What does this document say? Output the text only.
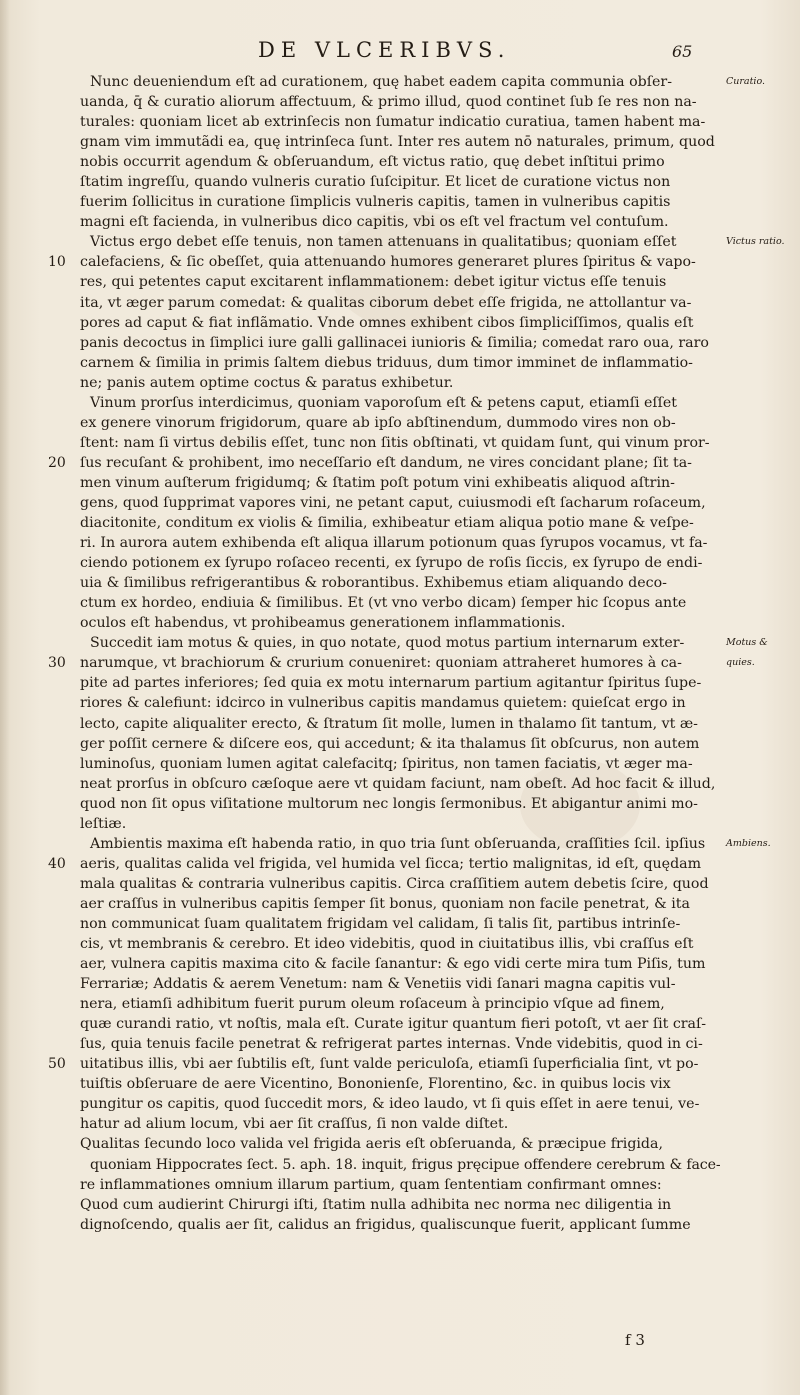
DE VLCERIBVS.	65
Nunc deueniendum eſt ad curationem, quę habet eadem capita communia obſer-
uanda, q̄ & curatio aliorum affectuum, & primo illud, quod continet ſub ſe res non na-
turales: quoniam licet ab extrinſecis non ſumatur indicatio curatiua, tamen habent ma-
gnam vim immutãdi ea, quę intrinſeca ſunt. Inter res autem nō naturales, primum, quod
nobis occurrit agendum & obſeruandum, eſt victus ratio, quę debet inſtitui primo
ſtatim ingreſſu, quando vulneris curatio ſuſcipitur. Et licet de curatione victus non
fuerim ſollicitus in curatione ſimplicis vulneris capitis, tamen in vulneribus capitis
magni eſt facienda, in vulneribus dico capitis, vbi os eſt vel fractum vel contuſum.
Victus ergo debet eſſe tenuis, non tamen attenuans in qualitatibus; quoniam eſſet
calefaciens, & ſic obeſſet, quia attenuando humores generaret plures ſpiritus & vapo-
res, qui petentes caput excitarent inflammationem: debet igitur victus eſſe tenuis
ita, vt æger parum comedat: & qualitas ciborum debet eſſe frigida, ne attollantur va-
pores ad caput & fiat inflãmatio. Vnde omnes exhibent cibos ſimpliciſſimos, qualis eſt
panis decoctus in ſimplici iure galli gallinacei iunioris & ſimilia; comedat raro oua, raro
carnem & ſimilia in primis ſaltem diebus triduus, dum timor imminet de inflammatio-
ne; panis autem optime coctus & paratus exhibetur.
Vinum prorſus interdicimus, quoniam vaporoſum eſt & petens caput, etiamſi eſſet
ex genere vinorum frigidorum, quare ab ipſo abſtinendum, dummodo vires non ob-
ſtent: nam ſi virtus debilis eſſet, tunc non ſitis obſtinati, vt quidam ſunt, qui vinum pror-
ſus recuſant & prohibent, imo neceſſario eſt dandum, ne vires concidant plane; ſit ta-
men vinum auſterum frigidumq; & ſtatim poſt potum vini exhibeatis aliquod aſtrin-
gens, quod ſupprimat vapores vini, ne petant caput, cuiusmodi eſt ſacharum roſaceum,
diacitonite, conditum ex violis & ſimilia, exhibeatur etiam aliqua potio mane & veſpe-
ri. In aurora autem exhibenda eſt aliqua illarum potionum quas ſyrupos vocamus, vt fa-
ciendo potionem ex ſyrupo roſaceo recenti, ex ſyrupo de roſis ſiccis, ex ſyrupo de endi-
uia & ſimilibus refrigerantibus & roborantibus. Exhibemus etiam aliquando deco-
ctum ex hordeo, endiuia & ſimilibus. Et (vt vno verbo dicam) ſemper hic ſcopus ante
oculos eſt habendus, vt prohibeamus generationem inflammationis.
Succedit iam motus & quies, in quo notate, quod motus partium internarum exter-
narumque, vt brachiorum & crurium conueniret: quoniam attraheret humores à ca-
pite ad partes inferiores; ſed quia ex motu internarum partium agitantur ſpiritus ſupe-
riores & calefiunt: idcirco in vulneribus capitis mandamus quietem: quieſcat ergo in
lecto, capite aliqualiter erecto, & ſtratum ſit molle, lumen in thalamo ſit tantum, vt æ-
ger poſſit cernere & diſcere eos, qui accedunt; & ita thalamus ſit obſcurus, non autem
luminoſus, quoniam lumen agitat calefacitq; ſpiritus, non tamen faciatis, vt æger ma-
neat prorſus in obſcuro cæſoque aere vt quidam faciunt, nam obeſt. Ad hoc facit & illud,
quod non ſit opus viſitatione multorum nec longis ſermonibus. Et abigantur animi mo-
leſtiæ.
Ambientis maxima eſt habenda ratio, in quo tria ſunt obſeruanda, craſſities ſcil. ipſius
aeris, qualitas calida vel frigida, vel humida vel ſicca; tertio malignitas, id eſt, quędam
mala qualitas & contraria vulneribus capitis. Circa craſſitiem autem debetis ſcire, quod
aer craſſus in vulneribus capitis ſemper ſit bonus, quoniam non facile penetrat, & ita
non communicat ſuam qualitatem frigidam vel calidam, ſi talis ſit, partibus intrinſe-
cis, vt membranis & cerebro. Et ideo videbitis, quod in ciuitatibus illis, vbi craſſus eſt
aer, vulnera capitis maxima cito & facile ſanantur: & ego vidi certe mira tum Piſis, tum
Ferrariæ; Addatis & aerem Venetum: nam & Venetiis vidi ſanari magna capitis vul-
nera, etiamſi adhibitum fuerit purum oleum roſaceum à principio vſque ad finem,
quæ curandi ratio, vt noſtis, mala eſt. Curate igitur quantum fieri potoſt, vt aer ſit craſ-
ſus, quia tenuis facile penetrat & refrigerat partes internas. Vnde videbitis, quod in ci-
uitatibus illis, vbi aer ſubtilis eſt, ſunt valde periculoſa, etiamſi ſuperficialia ſint, vt po-
tuiſtis obſeruare de aere Vicentino, Bononienſe, Florentino, &c. in quibus locis vix
pungitur os capitis, quod ſuccedit mors, & ideo laudo, vt ſi quis eſſet in aere tenui, ve-
hatur ad alium locum, vbi aer ſit craſſus, ſi non valde diſtet.
Qualitas ſecundo loco valida vel frigida aeris eſt obſeruanda, & præcipue frigida,
quoniam Hippocrates ſect. 5. aph. 18. inquit, frigus pręcipue offendere cerebrum & face-
re inflammationes omnium illarum partium, quam ſententiam confirmant omnes:
Quod cum audierint Chirurgi iſti, ſtatim nulla adhibita nec norma nec diligentia in
dignoſcendo, qualis aer ſit, calidus an frigidus, qualiscunque fuerit, applicant ſumme
10
20
30
40
50
Curatio.
Victus ratio.
Motus &
quies.
Ambiens.
f 3
